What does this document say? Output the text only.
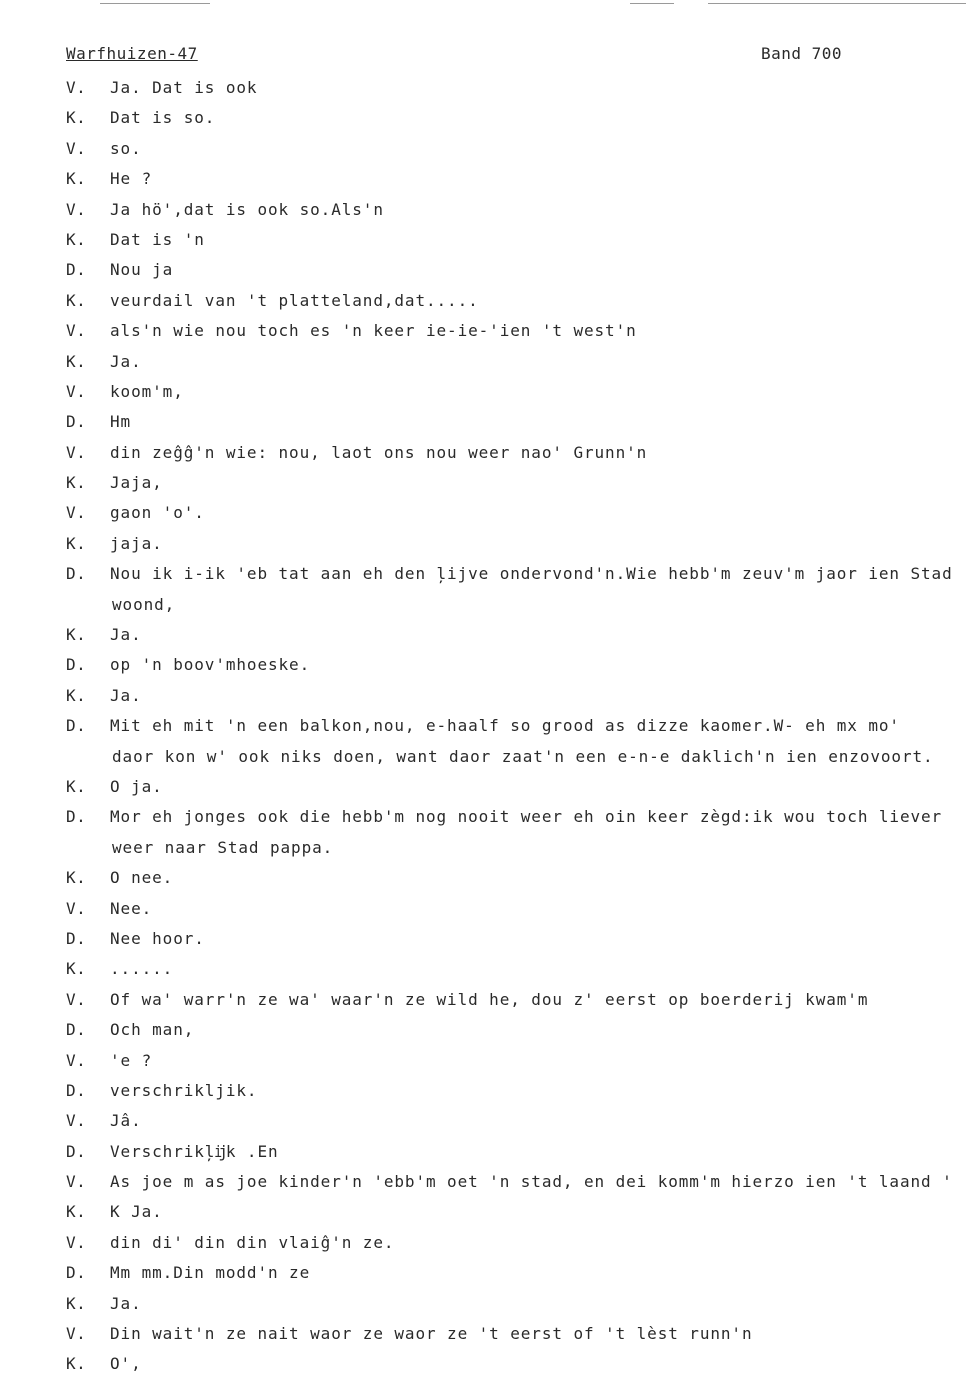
Warfhuizen-47	Band 700
V. Ja. Dat is ook
K. Dat is so.
V. so.
K. He ?
V. Ja hö',dat is ook so.Als'n
K. Dat is 'n
D. Nou ja
K. veurdail van 't platteland,dat.....
V. als'n wie nou toch es 'n keer ie-ie-'ien 't west'n
K. Ja.
V. koom'm,
D. Hm
V. din zeĝĝ'n wie: nou, laot ons nou weer nao' Grunn'n
K. Jaja,
V. gaon 'o'.
K. jaja.
D. Nou ik i-ik 'eb tat aan eh den ļijve ondervond'n.Wie hebb'm zeuv'm jaor ien Stad
woond,
K. Ja.
D. op 'n boov'mhoeske.
K. Ja.
D. Mit eh mit 'n een balkon,nou, e-haalf so grood as dizze kaomer.W- eh mx mo'
daor kon w' ook niks doen, want daor zaat'n een e-n-e daklich'n ien enzovoort.
K. O ja.
D. Mor eh jonges ook die hebb'm nog nooit weer eh oin keer zègd:ik wou toch liever
weer naar Stad pappa.
K. O nee.
V. Nee.
D. Nee hoor.
K. ......
V. Of wa' warr'n ze wa' waar'n ze wild he, dou z' eerst op boerderij kwam'm
D. Och man,
V. 'e ?
D. verschrikljik.
V. Jâ.
D. Verschrikļĳk .En
V. As joe m as joe kinder'n 'ebb'm oet 'n stad, en dei komm'm hierzo ien 't laand '
K. K Ja.
V. din di' din din vlaiĝ'n ze.
D. Mm mm.Din modd'n ze
K. Ja.
V. Din wait'n ze nait waor ze waor ze 't eerst of 't lèst runn'n
K. O',
